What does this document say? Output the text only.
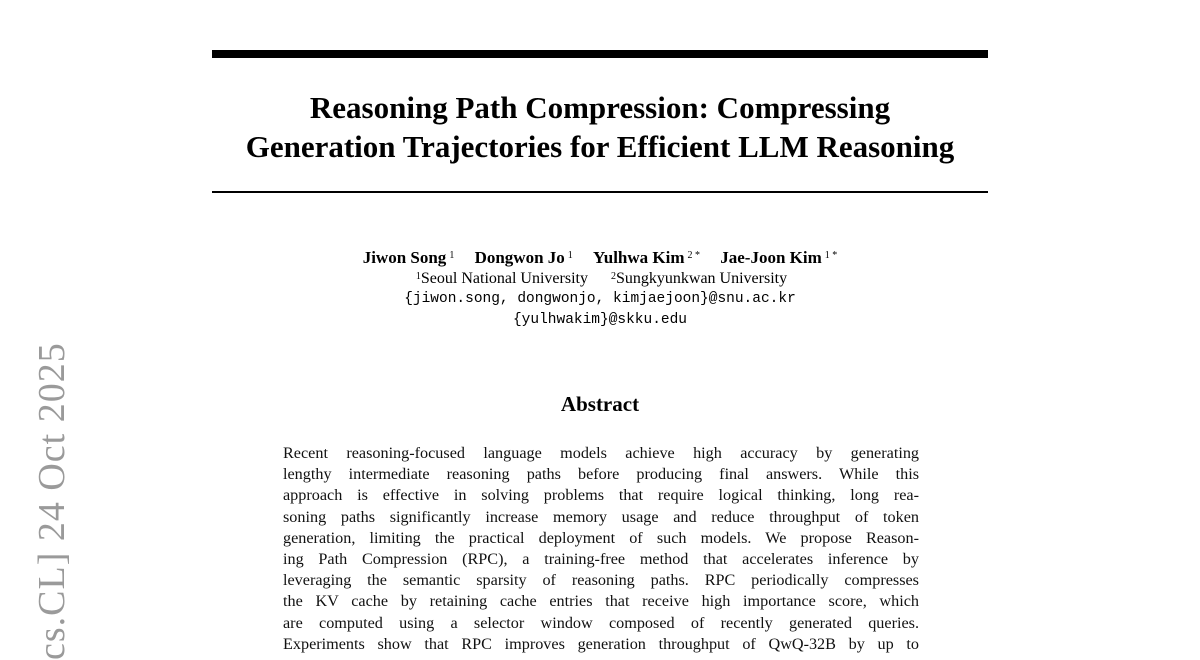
Reasoning Path Compression: Compressing
Generation Trajectories for Efficient LLM Reasoning
Jiwon Song $^1$ Dongwon Jo $^1$ Yulhwa Kim $^{2 *}$ Jae-Joon Kim $^{1 *}$
$^1$Seoul National University $^2$Sungkyunkwan University
{jiwon.song, dongwonjo, kimjaejoon}@snu.ac.kr
{yulhwakim}@skku.edu
Abstract
Recent reasoning-focused language models achieve high accuracy by generating
lengthy intermediate reasoning paths before producing final answers. While this
approach is effective in solving problems that require logical thinking, long rea-
soning paths significantly increase memory usage and reduce throughput of token
generation, limiting the practical deployment of such models. We propose Reason-
ing Path Compression (RPC), a training-free method that accelerates inference by
leveraging the semantic sparsity of reasoning paths. RPC periodically compresses
the KV cache by retaining cache entries that receive high importance score, which
are computed using a selector window composed of recently generated queries.
Experiments show that RPC improves generation throughput of QwQ-32B by up to
cs.CL] 24 Oct 2025
